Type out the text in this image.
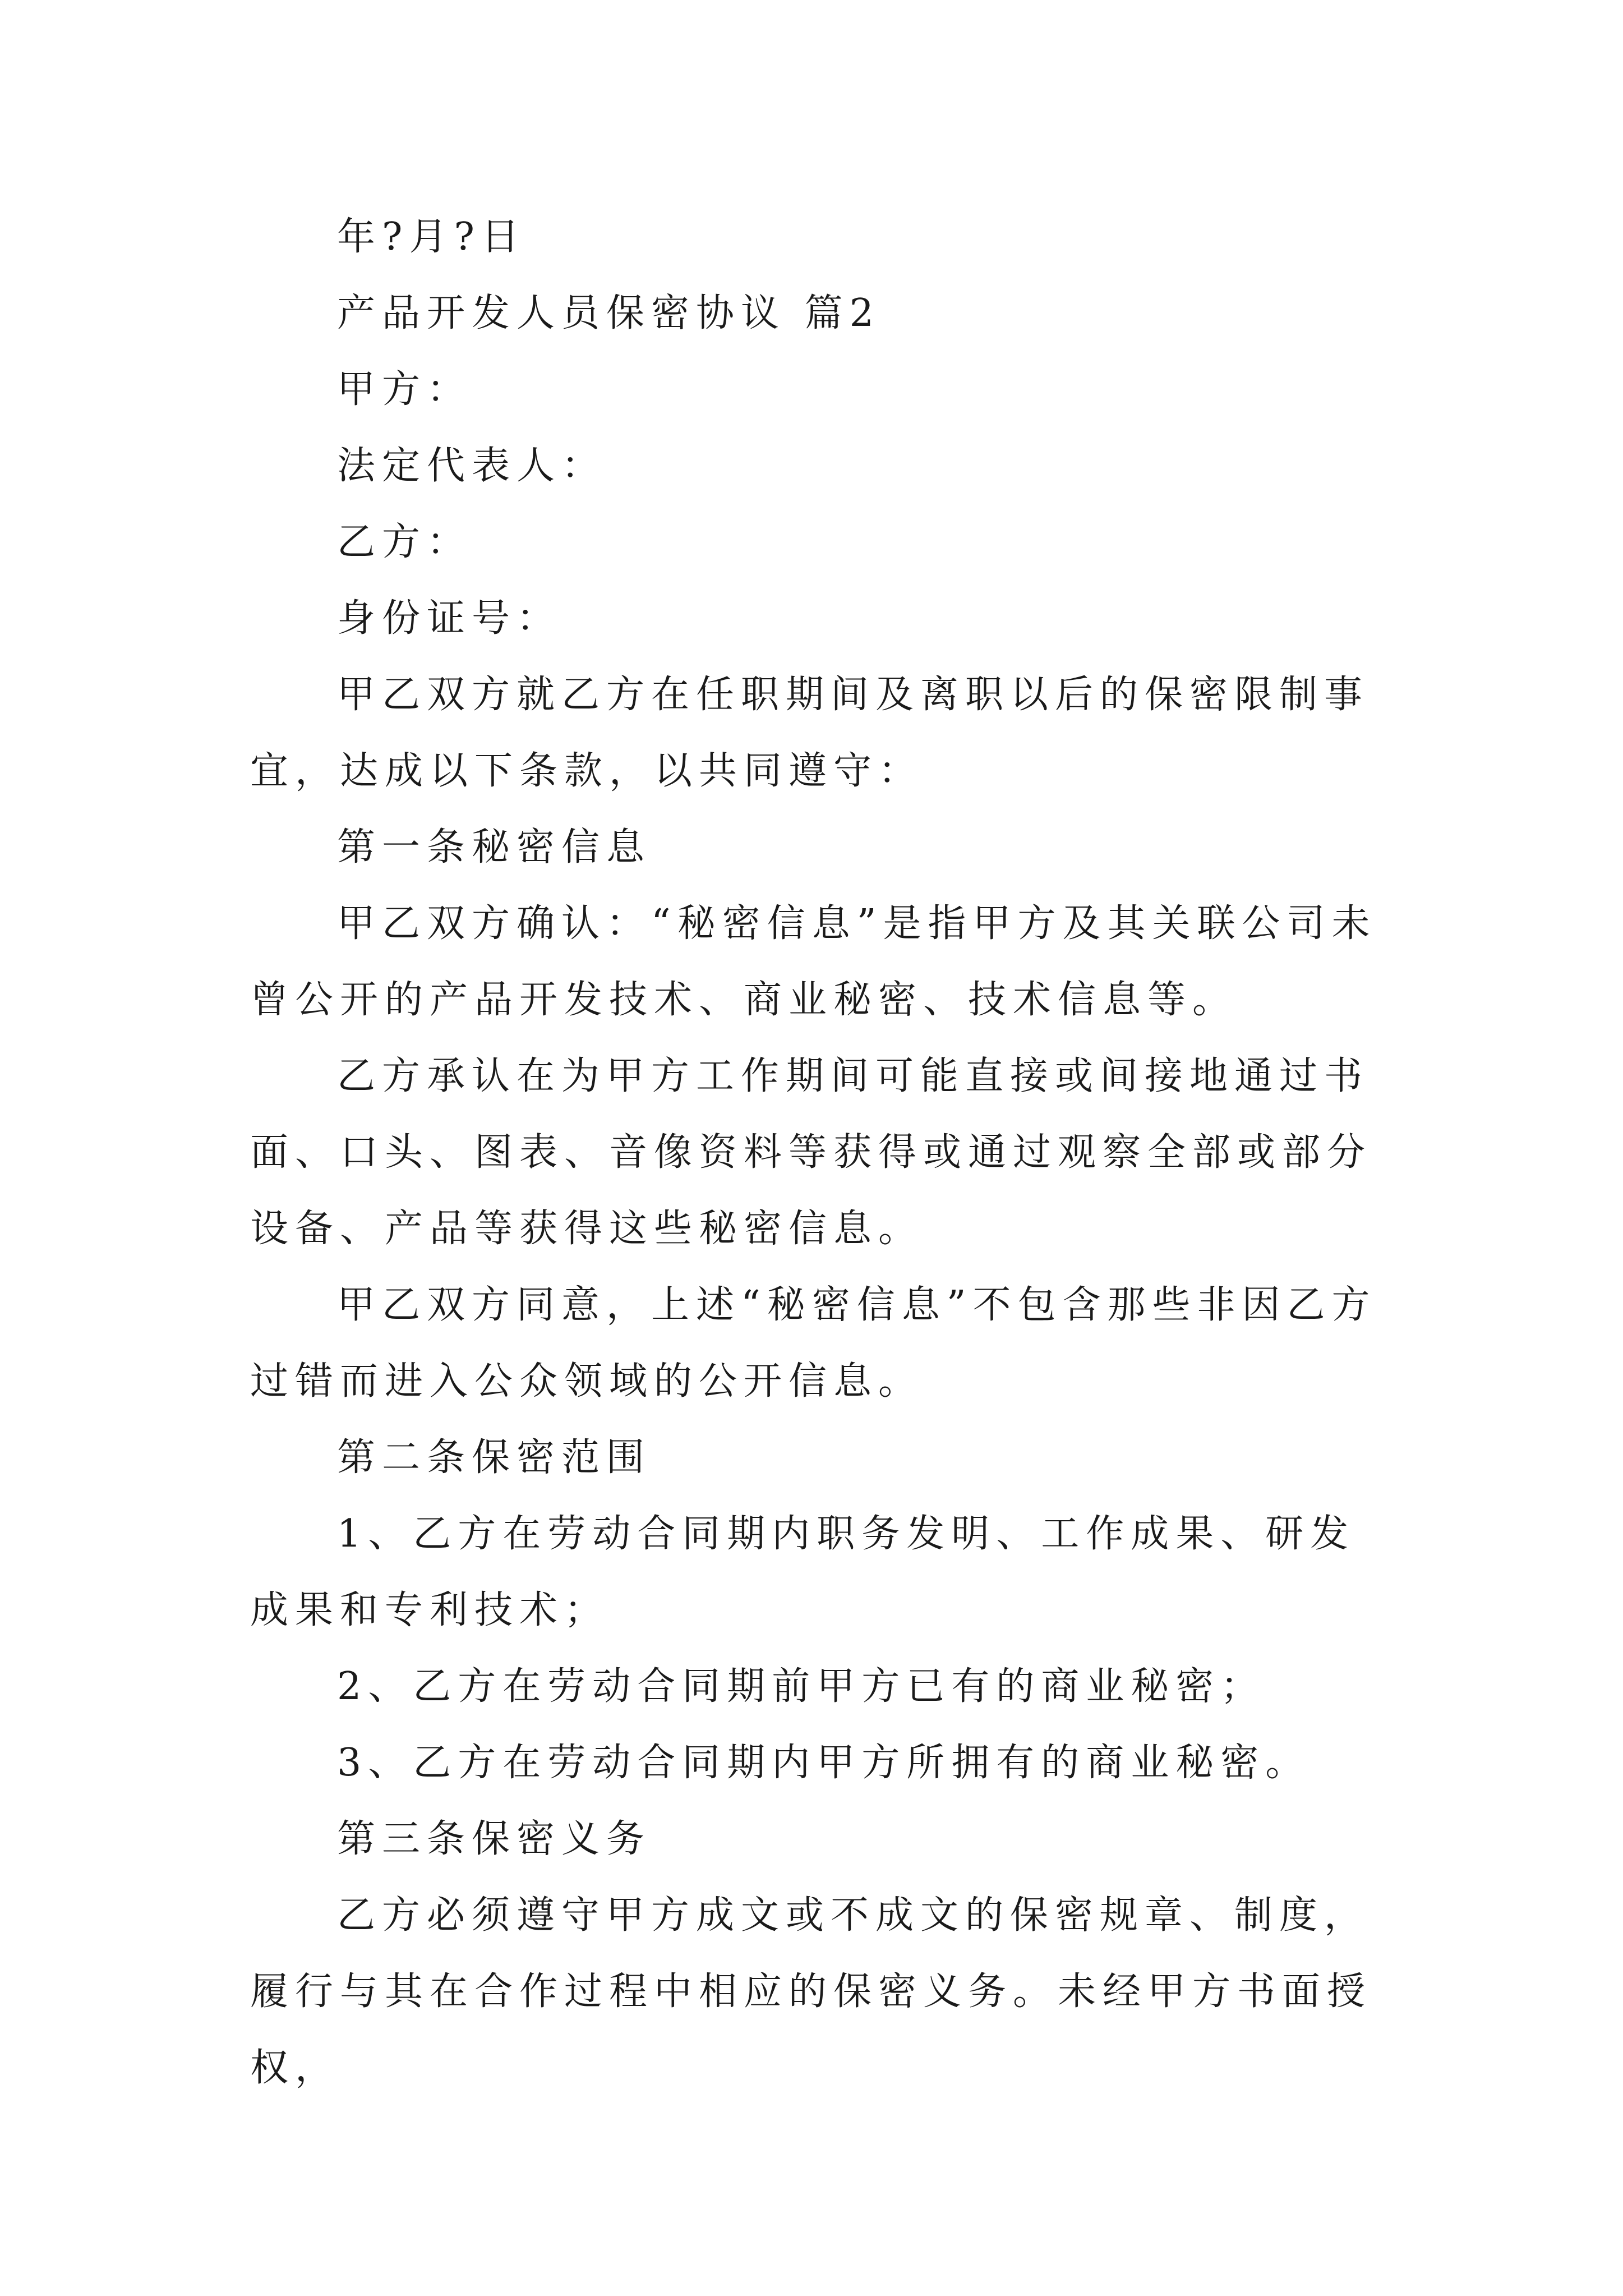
年?月?日

产品开发人员保密协议 篇2

甲方：

法定代表人：

乙方：

身份证号：

甲乙双方就乙方在任职期间及离职以后的保密限制事宜，达成以下条款，以共同遵守：

第一条秘密信息

甲乙双方确认：“秘密信息”是指甲方及其关联公司未曾公开的产品开发技术、商业秘密、技术信息等。

乙方承认在为甲方工作期间可能直接或间接地通过书面、口头、图表、音像资料等获得或通过观察全部或部分设备、产品等获得这些秘密信息。

甲乙双方同意，上述“秘密信息”不包含那些非因乙方过错而进入公众领域的公开信息。

第二条保密范围

1、乙方在劳动合同期内职务发明、工作成果、研发成果和专利技术；

2、乙方在劳动合同期前甲方已有的商业秘密；

3、乙方在劳动合同期内甲方所拥有的商业秘密。

第三条保密义务

乙方必须遵守甲方成文或不成文的保密规章、制度，履行与其在合作过程中相应的保密义务。未经甲方书面授权，
